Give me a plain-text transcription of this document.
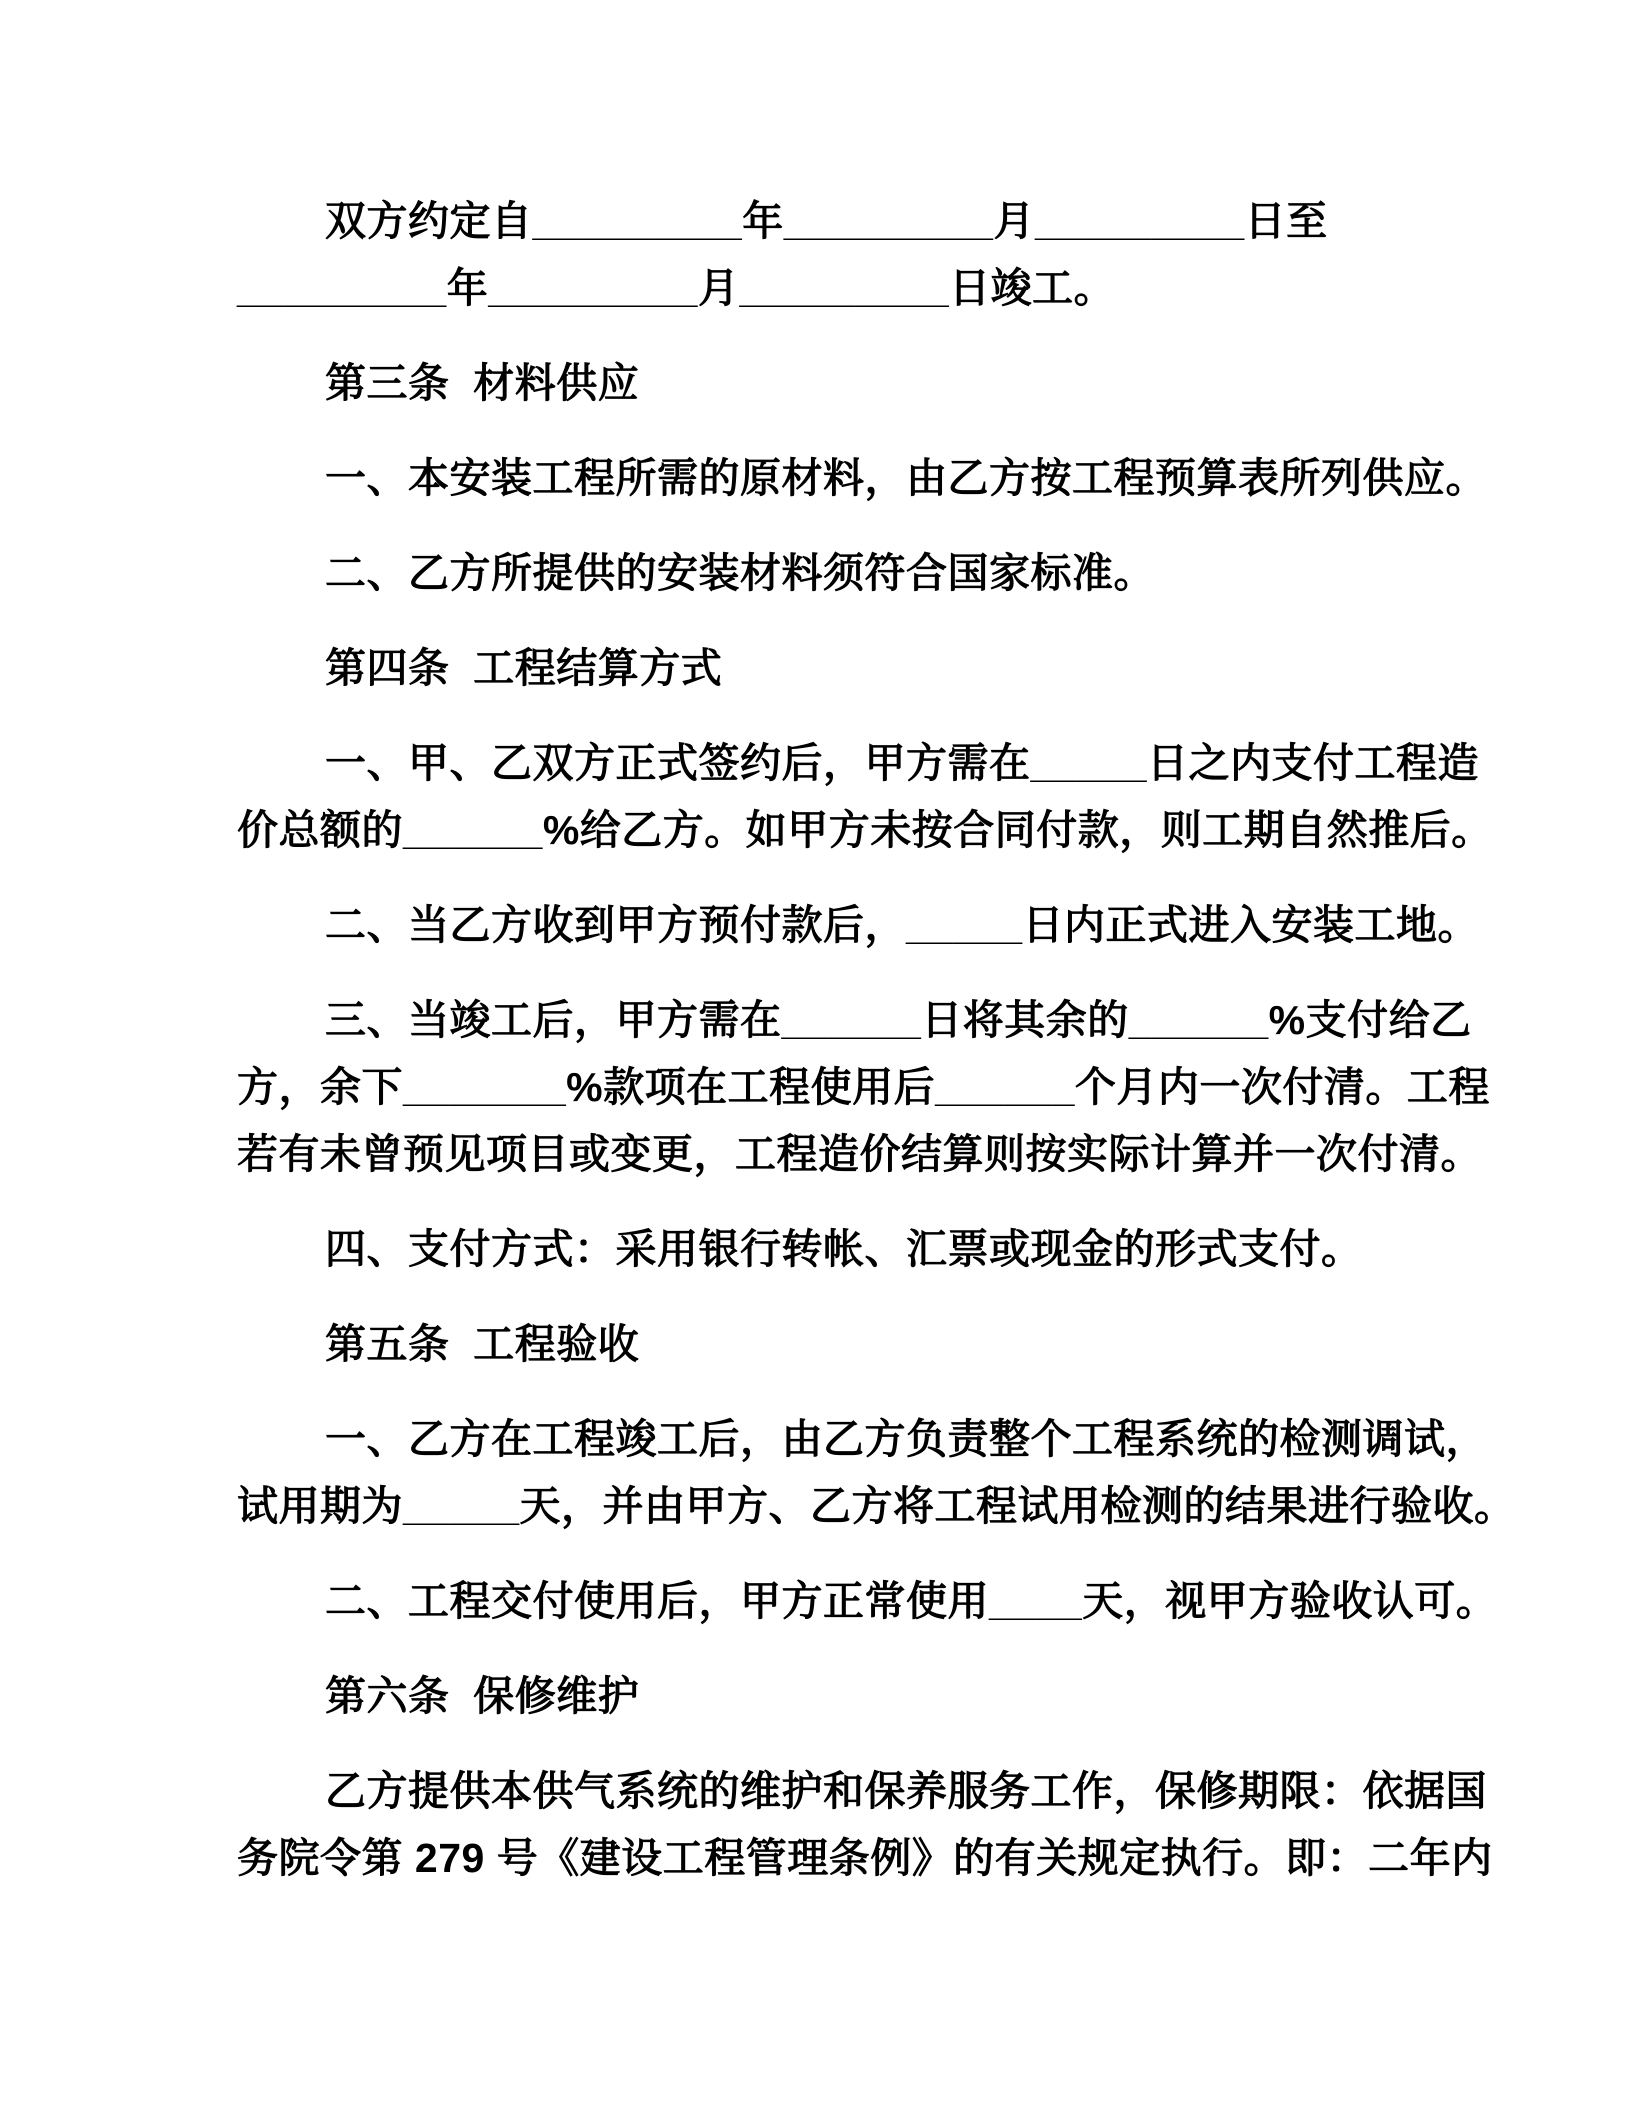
双方约定自_________年_________月_________日至
_________年_________月_________日竣工。
第三条  材料供应
一、本安装工程所需的原材料，由乙方按工程预算表所列供应。
二、乙方所提供的安装材料须符合国家标准。
第四条  工程结算方式
一、甲、乙双方正式签约后，甲方需在_____日之内支付工程造
价总额的______%给乙方。如甲方未按合同付款，则工期自然推后。
二、当乙方收到甲方预付款后，_____日内正式进入安装工地。
三、当竣工后，甲方需在______日将其余的______%支付给乙
方，余下_______%款项在工程使用后______个月内一次付清。工程
若有未曾预见项目或变更，工程造价结算则按实际计算并一次付清。
四、支付方式：采用银行转帐、汇票或现金的形式支付。
第五条  工程验收
一、乙方在工程竣工后，由乙方负责整个工程系统的检测调试，
试用期为_____天，并由甲方、乙方将工程试用检测的结果进行验收。
二、工程交付使用后，甲方正常使用____天，视甲方验收认可。
第六条  保修维护
乙方提供本供气系统的维护和保养服务工作，保修期限：依据国
务院令第 279 号《建设工程管理条例》的有关规定执行。即：二年内
